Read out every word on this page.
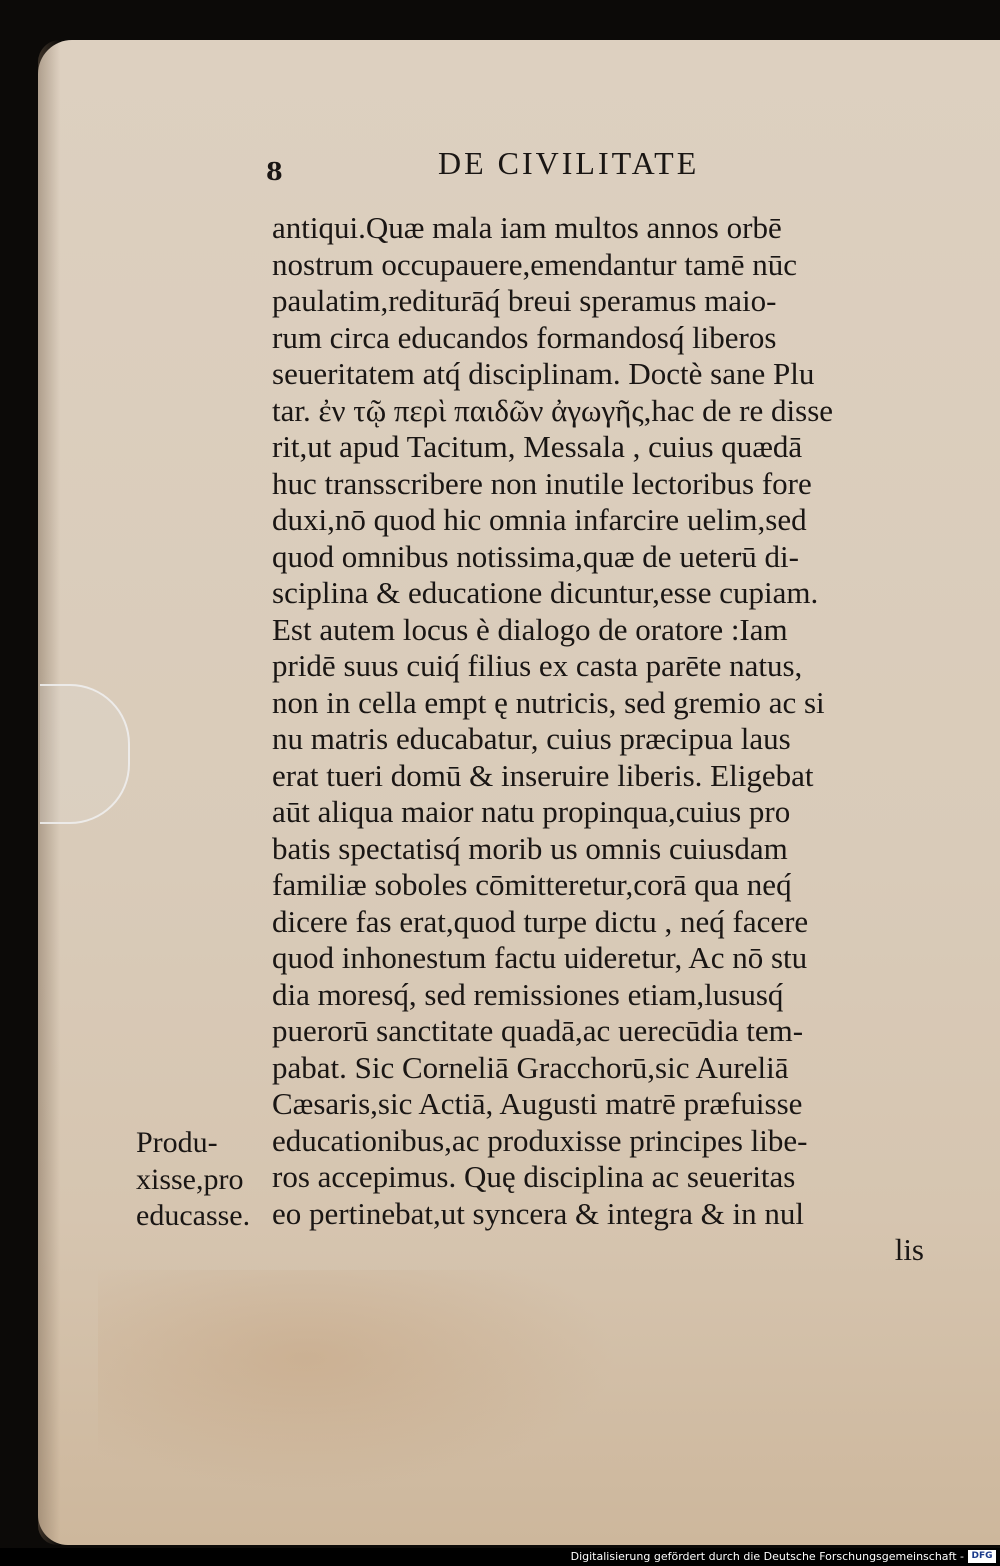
8	DE CIVILITATE
antiqui.Quæ mala iam multos annos orbē
nostrum occupauere,emendantur tamē nūc
paulatim,rediturāq́ breui speramus maio-
rum circa educandos formandosq́ liberos
seueritatem atq́ disciplinam. Doctè sane Plu
tar. ἐν τῷ περὶ παιδῶν ἀγωγῆς,hac de re disse
rit,ut apud Tacitum, Messala , cuius quædā
huc transscribere non inutile lectoribus fore
duxi,nō quod hic omnia infarcire uelim,sed
quod omnibus notissima,quæ de ueterū di-
sciplina & educatione dicuntur,esse cupiam.
Est autem locus è dialogo de oratore :Iam
pridē suus cuiq́ filius ex casta parēte natus,
non in cella empt ę nutricis, sed gremio ac si
nu matris educabatur, cuius præcipua laus
erat tueri domū & inseruire liberis. Eligebat
aūt aliqua maior natu propinqua,cuius pro
batis spectatisq́ morib us omnis cuiusdam
familiæ soboles cōmitteretur,corā qua neq́
dicere fas erat,quod turpe dictu , neq́ facere
quod inhonestum factu uideretur, Ac nō stu
dia moresq́, sed remissiones etiam,lususq́
puerorū sanctitate quadā,ac uerecūdia tem-
pabat. Sic Corneliā Gracchorū,sic Aureliā
Cæsaris,sic Actiā, Augusti matrē præfuisse
educationibus,ac produxisse principes libe-
ros accepimus. Quę disciplina ac seueritas
eo pertinebat,ut syncera & integra & in nul
lis
Produ-
xisse,pro
educasse.
Digitalisierung gefördert durch die Deutsche Forschungsgemeinschaft - DFG
